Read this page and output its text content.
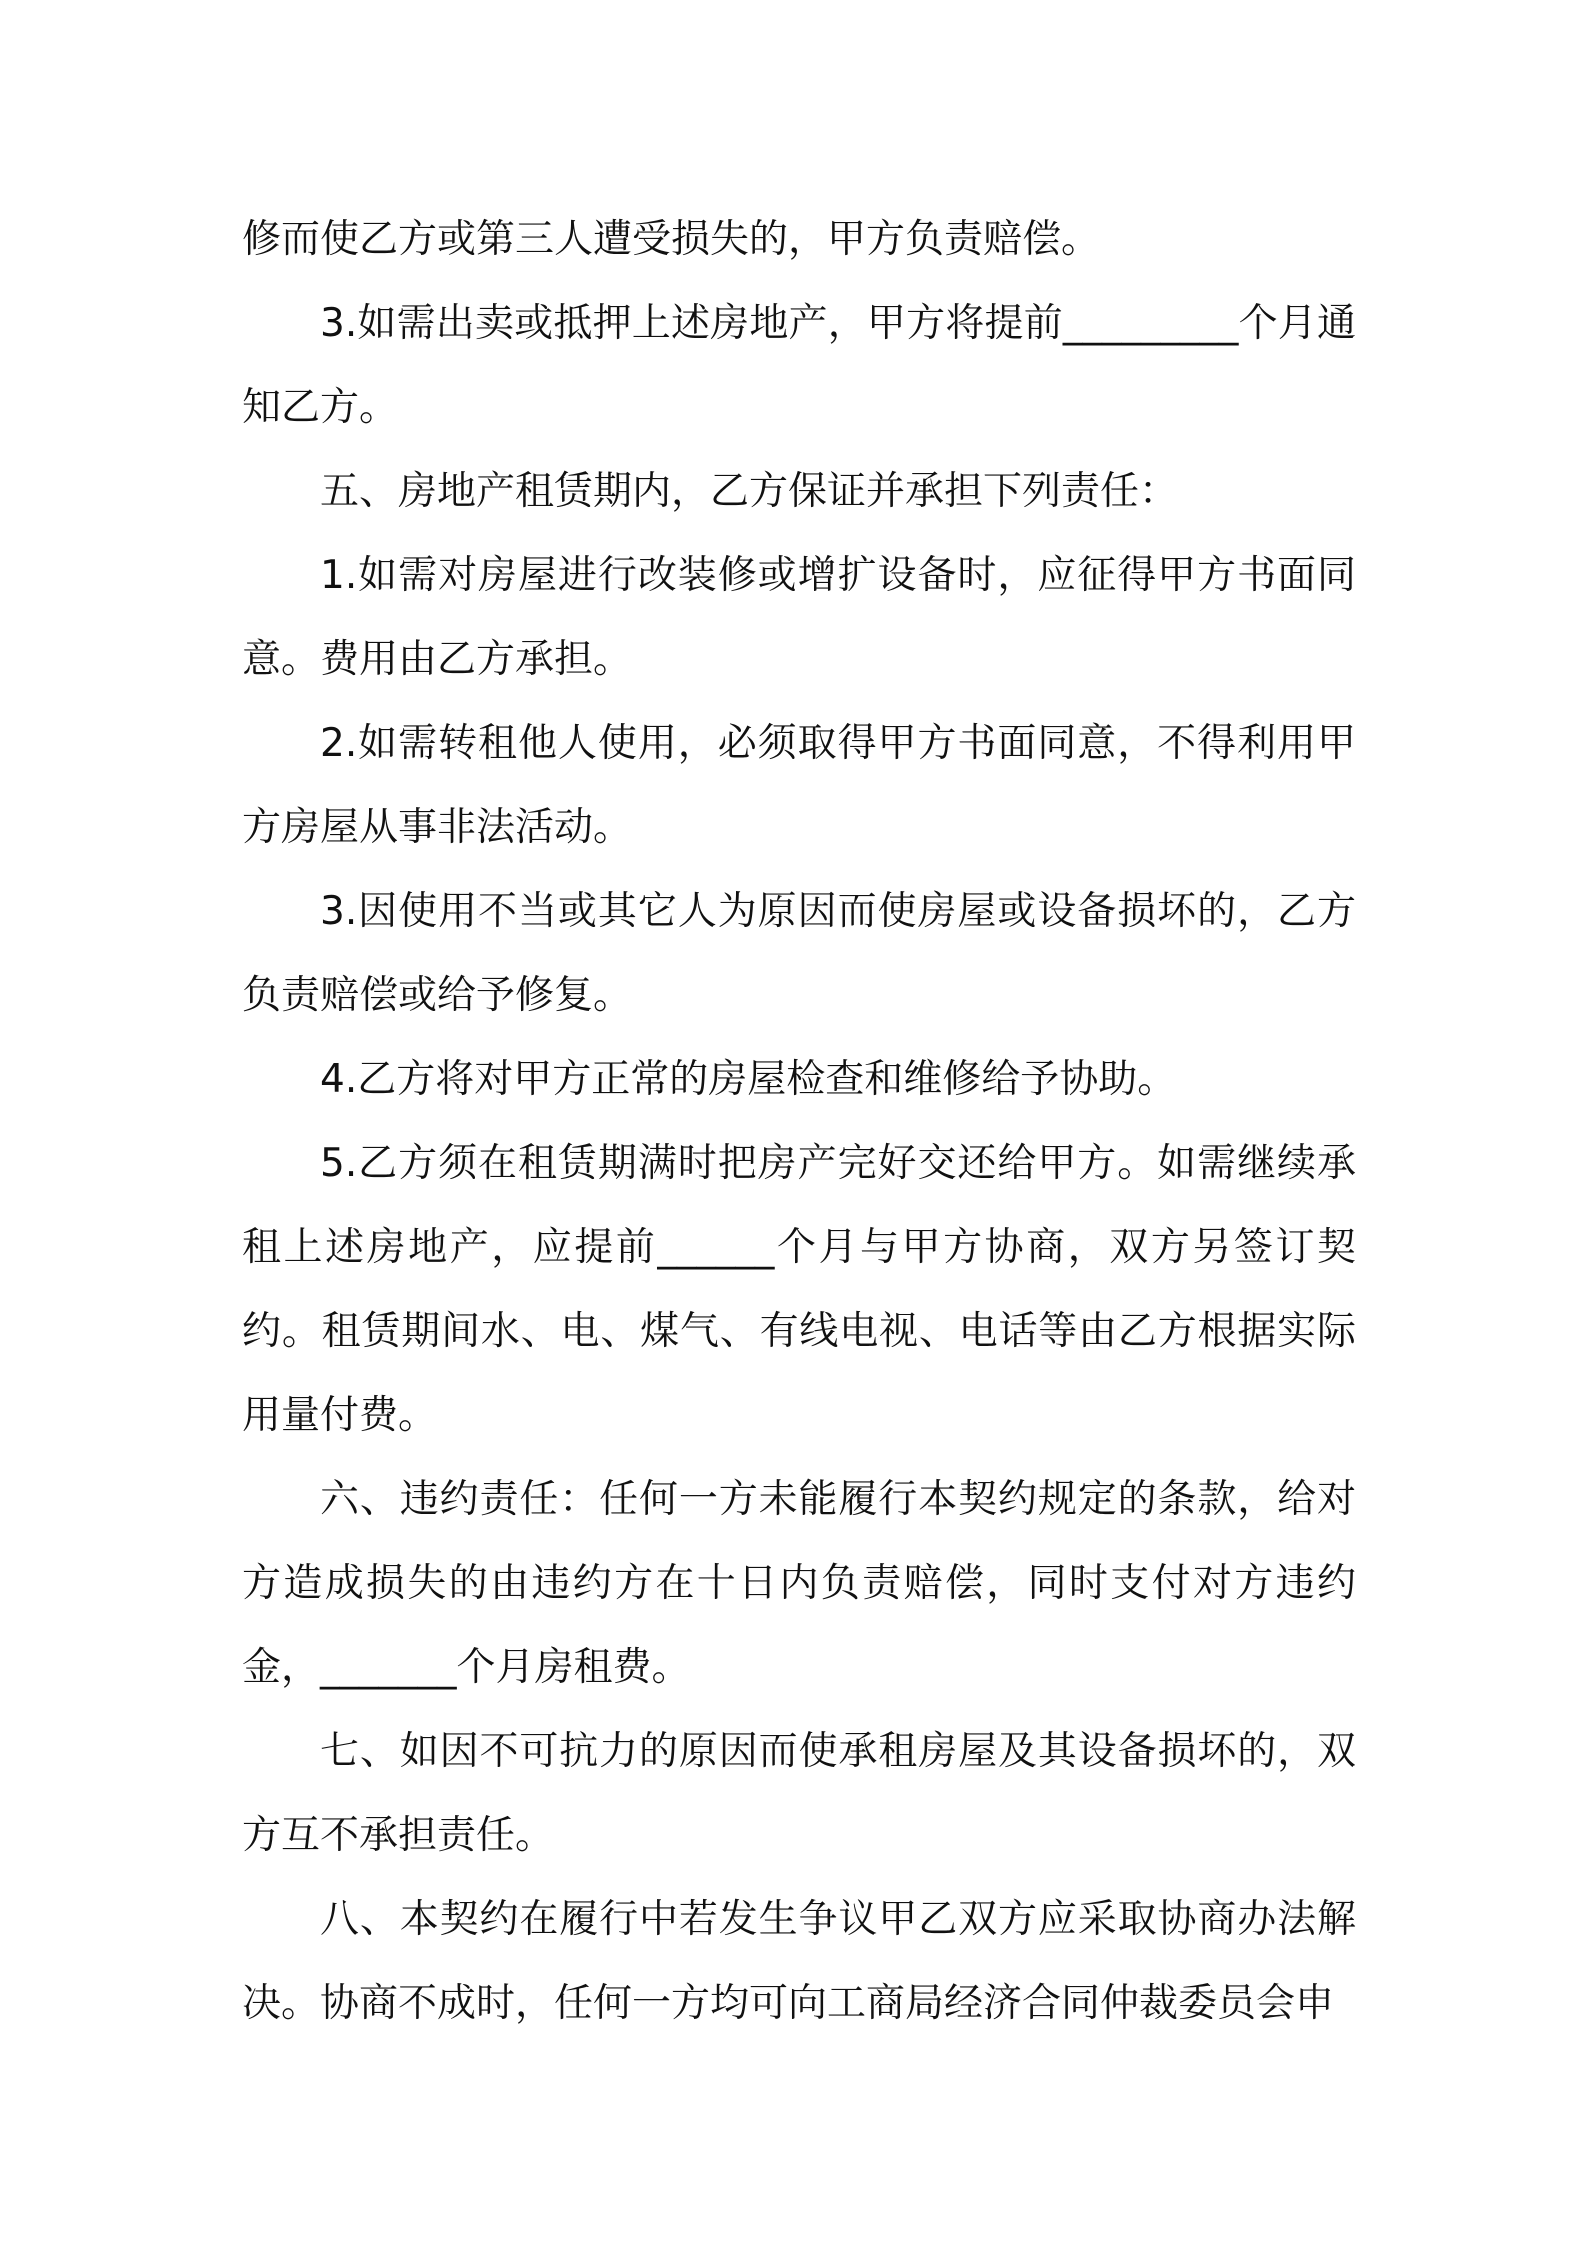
修而使乙方或第三人遭受损失的，甲方负责赔偿。

3.如需出卖或抵押上述房地产，甲方将提前_________个月通知乙方。

五、房地产租赁期内，乙方保证并承担下列责任：

1.如需对房屋进行改装修或增扩设备时，应征得甲方书面同意。费用由乙方承担。

2.如需转租他人使用，必须取得甲方书面同意，不得利用甲方房屋从事非法活动。

3.因使用不当或其它人为原因而使房屋或设备损坏的，乙方负责赔偿或给予修复。

4.乙方将对甲方正常的房屋检查和维修给予协助。

5.乙方须在租赁期满时把房产完好交还给甲方。如需继续承租上述房地产，应提前______个月与甲方协商，双方另签订契约。租赁期间水、电、煤气、有线电视、电话等由乙方根据实际用量付费。

六、违约责任：任何一方未能履行本契约规定的条款，给对方造成损失的由违约方在十日内负责赔偿，同时支付对方违约金，_______个月房租费。

七、如因不可抗力的原因而使承租房屋及其设备损坏的，双方互不承担责任。

八、本契约在履行中若发生争议甲乙双方应采取协商办法解决。协商不成时，任何一方均可向工商局经济合同仲裁委员会申
